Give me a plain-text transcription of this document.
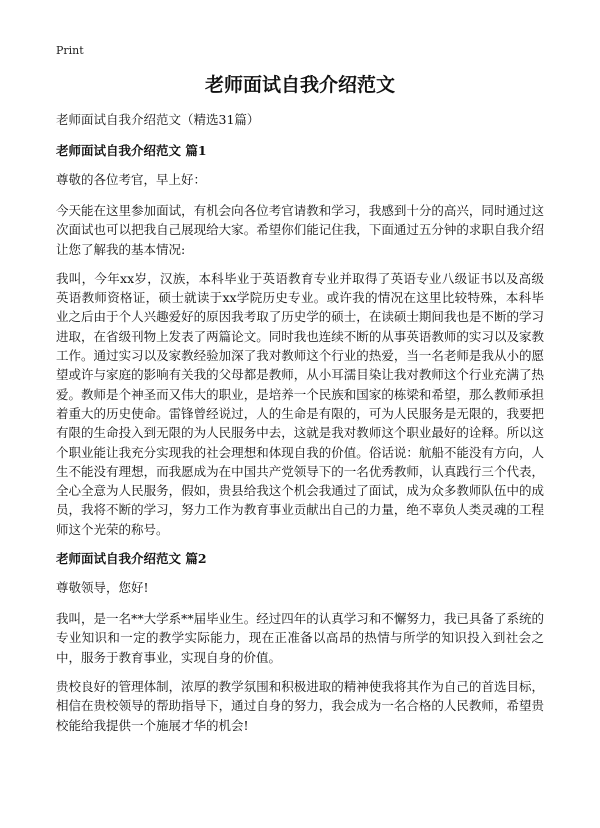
Print
老师面试自我介绍范文
老师面试自我介绍范文（精选31篇）
老师面试自我介绍范文 篇1
尊敬的各位考官，早上好：
今天能在这里参加面试，有机会向各位考官请教和学习，我感到十分的高兴，同时通过这次面试也可以把我自己展现给大家。希望你们能记住我，下面通过五分钟的求职自我介绍让您了解我的基本情况:
我叫，今年xx岁，汉族，本科毕业于英语教育专业并取得了英语专业八级证书以及高级英语教师资格证，硕士就读于xx学院历史专业。或许我的情况在这里比较特殊，本科毕业之后由于个人兴趣爱好的原因我考取了历史学的硕士，在读硕士期间我也是不断的学习进取，在省级刊物上发表了两篇论文。同时我也连续不断的从事英语教师的实习以及家教工作。通过实习以及家教经验加深了我对教师这个行业的热爱，当一名老师是我从小的愿望或许与家庭的影响有关我的父母都是教师，从小耳濡目染让我对教师这个行业充满了热爱。教师是个神圣而又伟大的职业，是培养一个民族和国家的栋梁和希望，那么教师承担着重大的历史使命。雷锋曾经说过，人的生命是有限的，可为人民服务是无限的，我要把有限的生命投入到无限的为人民服务中去，这就是我对教师这个职业最好的诠释。所以这个职业能让我充分实现我的社会理想和体现自我的价值。俗话说：航船不能没有方向，人生不能没有理想，而我愿成为在中国共产党领导下的一名优秀教师，认真践行三个代表，全心全意为人民服务，假如，贵县给我这个机会我通过了面试，成为众多教师队伍中的成员，我将不断的学习，努力工作为教育事业贡献出自己的力量，绝不辜负人类灵魂的工程师这个光荣的称号。
老师面试自我介绍范文 篇2
尊敬领导，您好!
我叫，是一名**大学系**届毕业生。经过四年的认真学习和不懈努力，我已具备了系统的专业知识和一定的教学实际能力，现在正准备以高昂的热情与所学的知识投入到社会之中，服务于教育事业，实现自身的价值。
贵校良好的管理体制，浓厚的教学氛围和积极进取的精神使我将其作为自己的首选目标，相信在贵校领导的帮助指导下，通过自身的努力，我会成为一名合格的人民教师，希望贵校能给我提供一个施展才华的机会!
